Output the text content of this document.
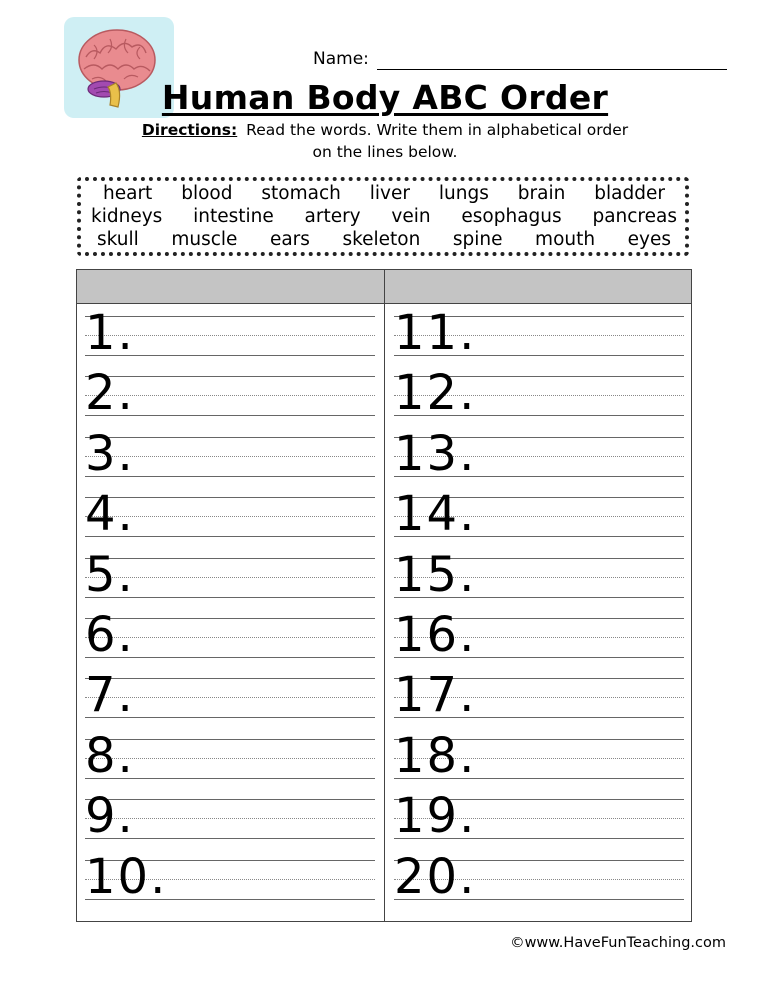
Name:
Human Body ABC Order
Directions: Read the words. Write them in alphabetical order
on the lines below.
heart blood stomach liver lungs brain bladder
kidneys intestine artery vein esophagus pancreas
skull muscle ears skeleton spine mouth eyes
1.
2.
3.
4.
5.
6.
7.
8.
9.
10.
11.
12.
13.
14.
15.
16.
17.
18.
19.
20.
©www.HaveFunTeaching.com
